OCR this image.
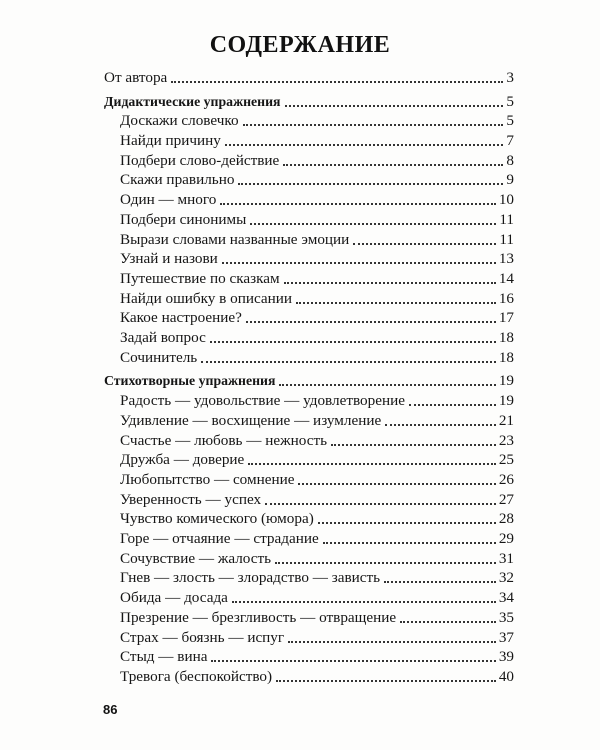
СОДЕРЖАНИЕ
От автора	3
Дидактические упражнения	5
Доскажи словечко	5
Найди причину	7
Подбери слово-действие	8
Скажи правильно	9
Один — много	10
Подбери синонимы	11
Вырази словами названные эмоции	11
Узнай и назови	13
Путешествие по сказкам	14
Найди ошибку в описании	16
Какое настроение?	17
Задай вопрос	18
Сочинитель	18
Стихотворные упражнения	19
Радость — удовольствие — удовлетворение	19
Удивление — восхищение — изумление	21
Счастье — любовь — нежность	23
Дружба — доверие	25
Любопытство — сомнение	26
Уверенность — успех	27
Чувство комического (юмора)	28
Горе — отчаяние — страдание	29
Сочувствие — жалость	31
Гнев — злость — злорадство — зависть	32
Обида — досада	34
Презрение — брезгливость — отвращение	35
Страх — боязнь — испуг	37
Стыд — вина	39
Тревога (беспокойство)	40
86
